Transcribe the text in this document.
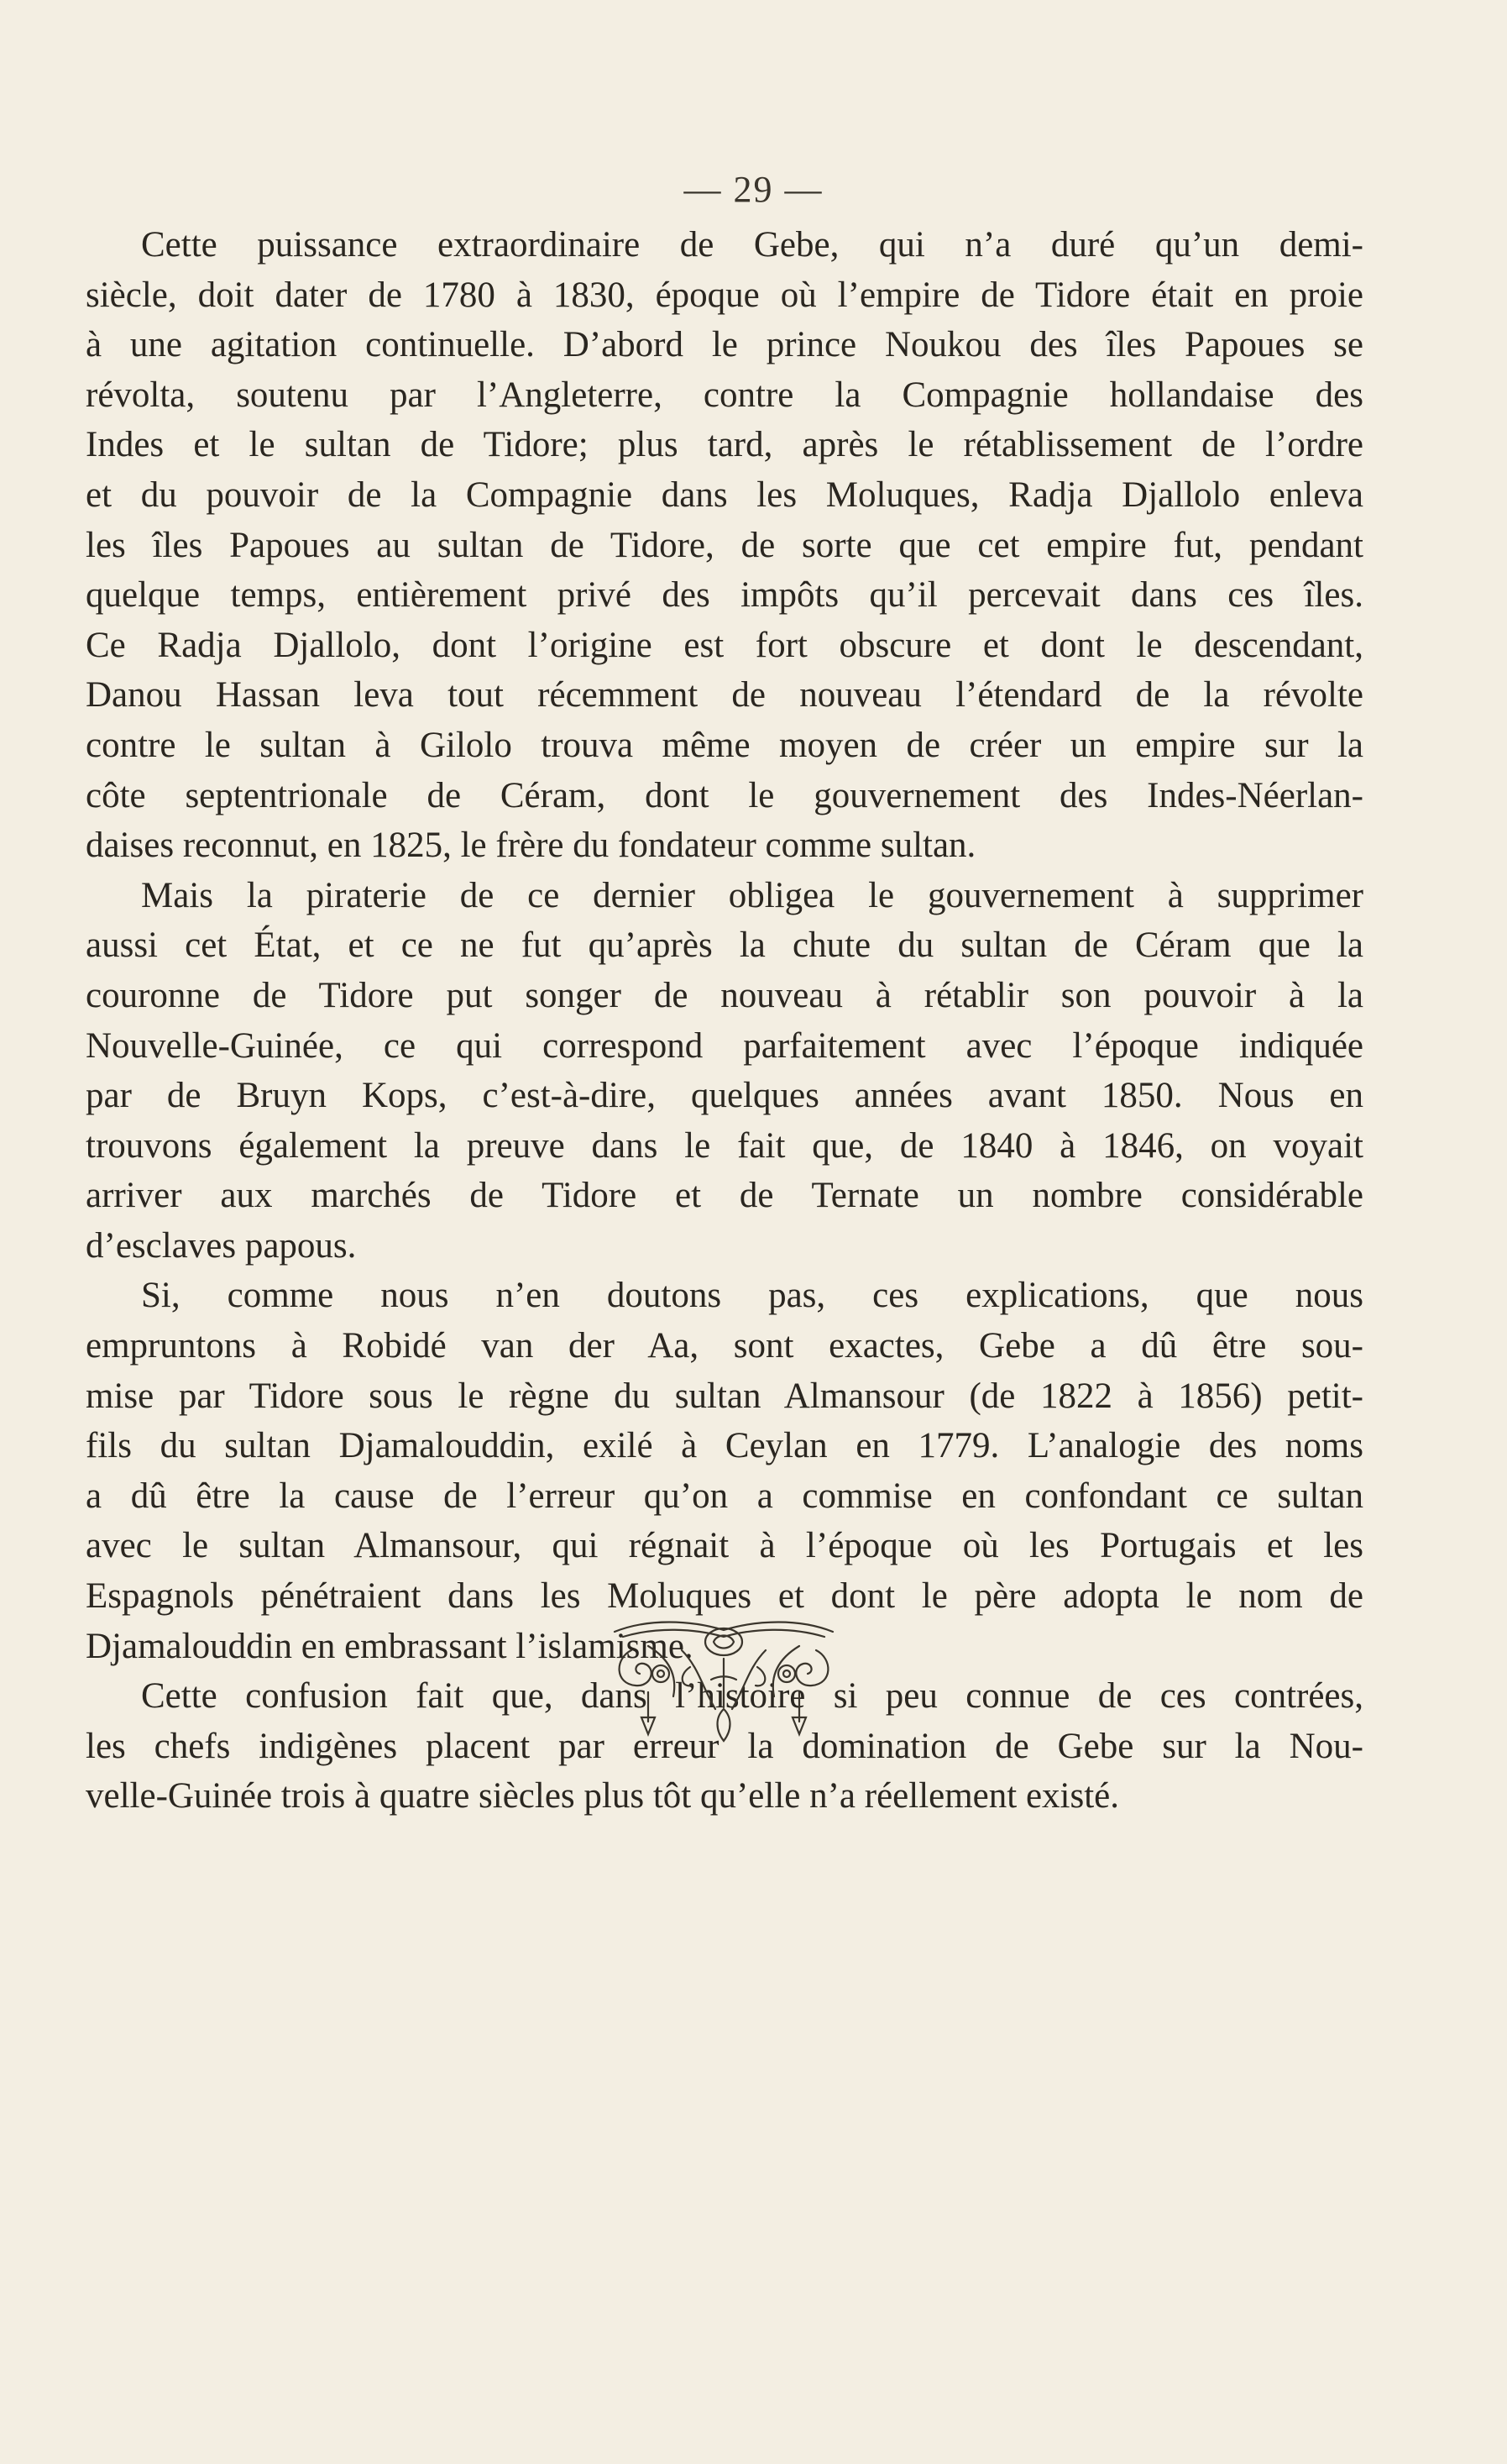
— 29 —
Cette puissance extraordinaire de Gebe, qui n’a duré qu’un demi-
siècle, doit dater de 1780 à 1830, époque où l’empire de Tidore était en proie
à une agitation continuelle. D’abord le prince Noukou des îles Papoues se
révolta, soutenu par l’Angleterre, contre la Compagnie hollandaise des
Indes et le sultan de Tidore; plus tard, après le rétablissement de l’ordre
et du pouvoir de la Compagnie dans les Moluques, Radja Djallolo enleva
les îles Papoues au sultan de Tidore, de sorte que cet empire fut, pendant
quelque temps, entièrement privé des impôts qu’il percevait dans ces îles.
Ce Radja Djallolo, dont l’origine est fort obscure et dont le descendant,
Danou Hassan leva tout récemment de nouveau l’étendard de la révolte
contre le sultan à Gilolo trouva même moyen de créer un empire sur la
côte septentrionale de Céram, dont le gouvernement des Indes-Néerlan-
daises reconnut, en 1825, le frère du fondateur comme sultan.
Mais la piraterie de ce dernier obligea le gouvernement à supprimer
aussi cet État, et ce ne fut qu’après la chute du sultan de Céram que la
couronne de Tidore put songer de nouveau à rétablir son pouvoir à la
Nouvelle-Guinée, ce qui correspond parfaitement avec l’époque indiquée
par de Bruyn Kops, c’est-à-dire, quelques années avant 1850. Nous en
trouvons également la preuve dans le fait que, de 1840 à 1846, on voyait
arriver aux marchés de Tidore et de Ternate un nombre considérable
d’esclaves papous.
Si, comme nous n’en doutons pas, ces explications, que nous
empruntons à Robidé van der Aa, sont exactes, Gebe a dû être sou-
mise par Tidore sous le règne du sultan Almansour (de 1822 à 1856) petit-
fils du sultan Djamalouddin, exilé à Ceylan en 1779. L’analogie des noms
a dû être la cause de l’erreur qu’on a commise en confondant ce sultan
avec le sultan Almansour, qui régnait à l’époque où les Portugais et les
Espagnols pénétraient dans les Moluques et dont le père adopta le nom de
Djamalouddin en embrassant l’islamisme.
Cette confusion fait que, dans l’histoire si peu connue de ces contrées,
les chefs indigènes placent par erreur la domination de Gebe sur la Nou-
velle-Guinée trois à quatre siècles plus tôt qu’elle n’a réellement existé.
